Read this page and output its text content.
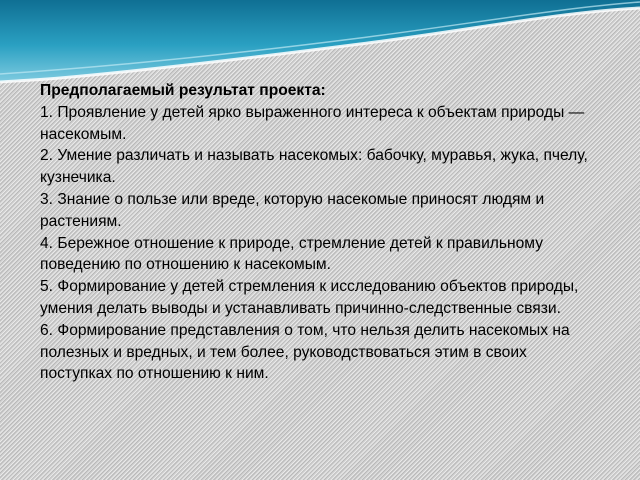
Предполагаемый результат проекта:

1. Проявление у детей ярко выраженного интереса к объектам природы — насекомым.

2. Умение различать и называть насекомых: бабочку, муравья, жука, пчелу, кузнечика.

3. Знание о пользе или вреде, которую насекомые приносят людям и растениям.

4. Бережное отношение к природе, стремление детей к правильному поведению по отношению к насекомым.

5. Формирование у детей стремления к исследованию объектов природы, умения делать выводы и устанавливать причинно-следственные связи.

6. Формирование представления о том, что нельзя делить насекомых на полезных и вредных, и тем более, руководствоваться этим в своих поступках по отношению к ним.
